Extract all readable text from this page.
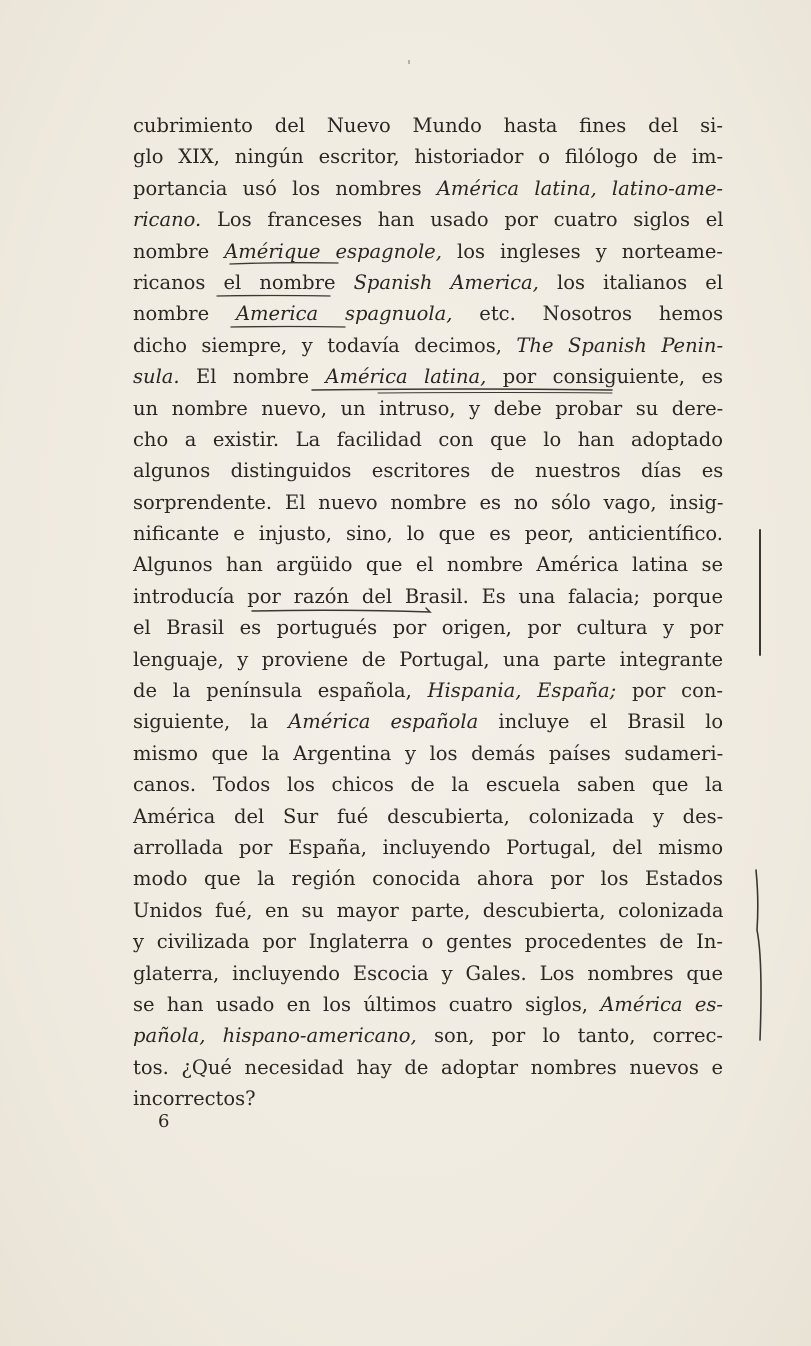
cubrimiento del Nuevo Mundo hasta fines del si-
glo XIX, ningún escritor, historiador o filólogo de im-
portancia usó los nombres América latina, latino-ame-
ricano. Los franceses han usado por cuatro siglos el
nombre Amérique espagnole, los ingleses y norteame-
ricanos el nombre Spanish America, los italianos el
nombre America spagnuola, etc. Nosotros hemos
dicho siempre, y todavía decimos, The Spanish Penin-
sula. El nombre América latina, por consiguiente, es
un nombre nuevo, un intruso, y debe probar su dere-
cho a existir. La facilidad con que lo han adoptado
algunos distinguidos escritores de nuestros días es
sorprendente. El nuevo nombre es no sólo vago, insig-
nificante e injusto, sino, lo que es peor, anticientífico.
Algunos han argüido que el nombre América latina se
introducía por razón del Brasil. Es una falacia; porque
el Brasil es portugués por origen, por cultura y por
lenguaje, y proviene de Portugal, una parte integrante
de la península española, Hispania, España; por con-
siguiente, la América española incluye el Brasil lo
mismo que la Argentina y los demás países sudameri-
canos. Todos los chicos de la escuela saben que la
América del Sur fué descubierta, colonizada y des-
arrollada por España, incluyendo Portugal, del mismo
modo que la región conocida ahora por los Estados
Unidos fué, en su mayor parte, descubierta, colonizada
y civilizada por Inglaterra o gentes procedentes de In-
glaterra, incluyendo Escocia y Gales. Los nombres que
se han usado en los últimos cuatro siglos, América es-
pañola, hispano-americano, son, por lo tanto, correc-
tos. ¿Qué necesidad hay de adoptar nombres nuevos e
incorrectos?
6
